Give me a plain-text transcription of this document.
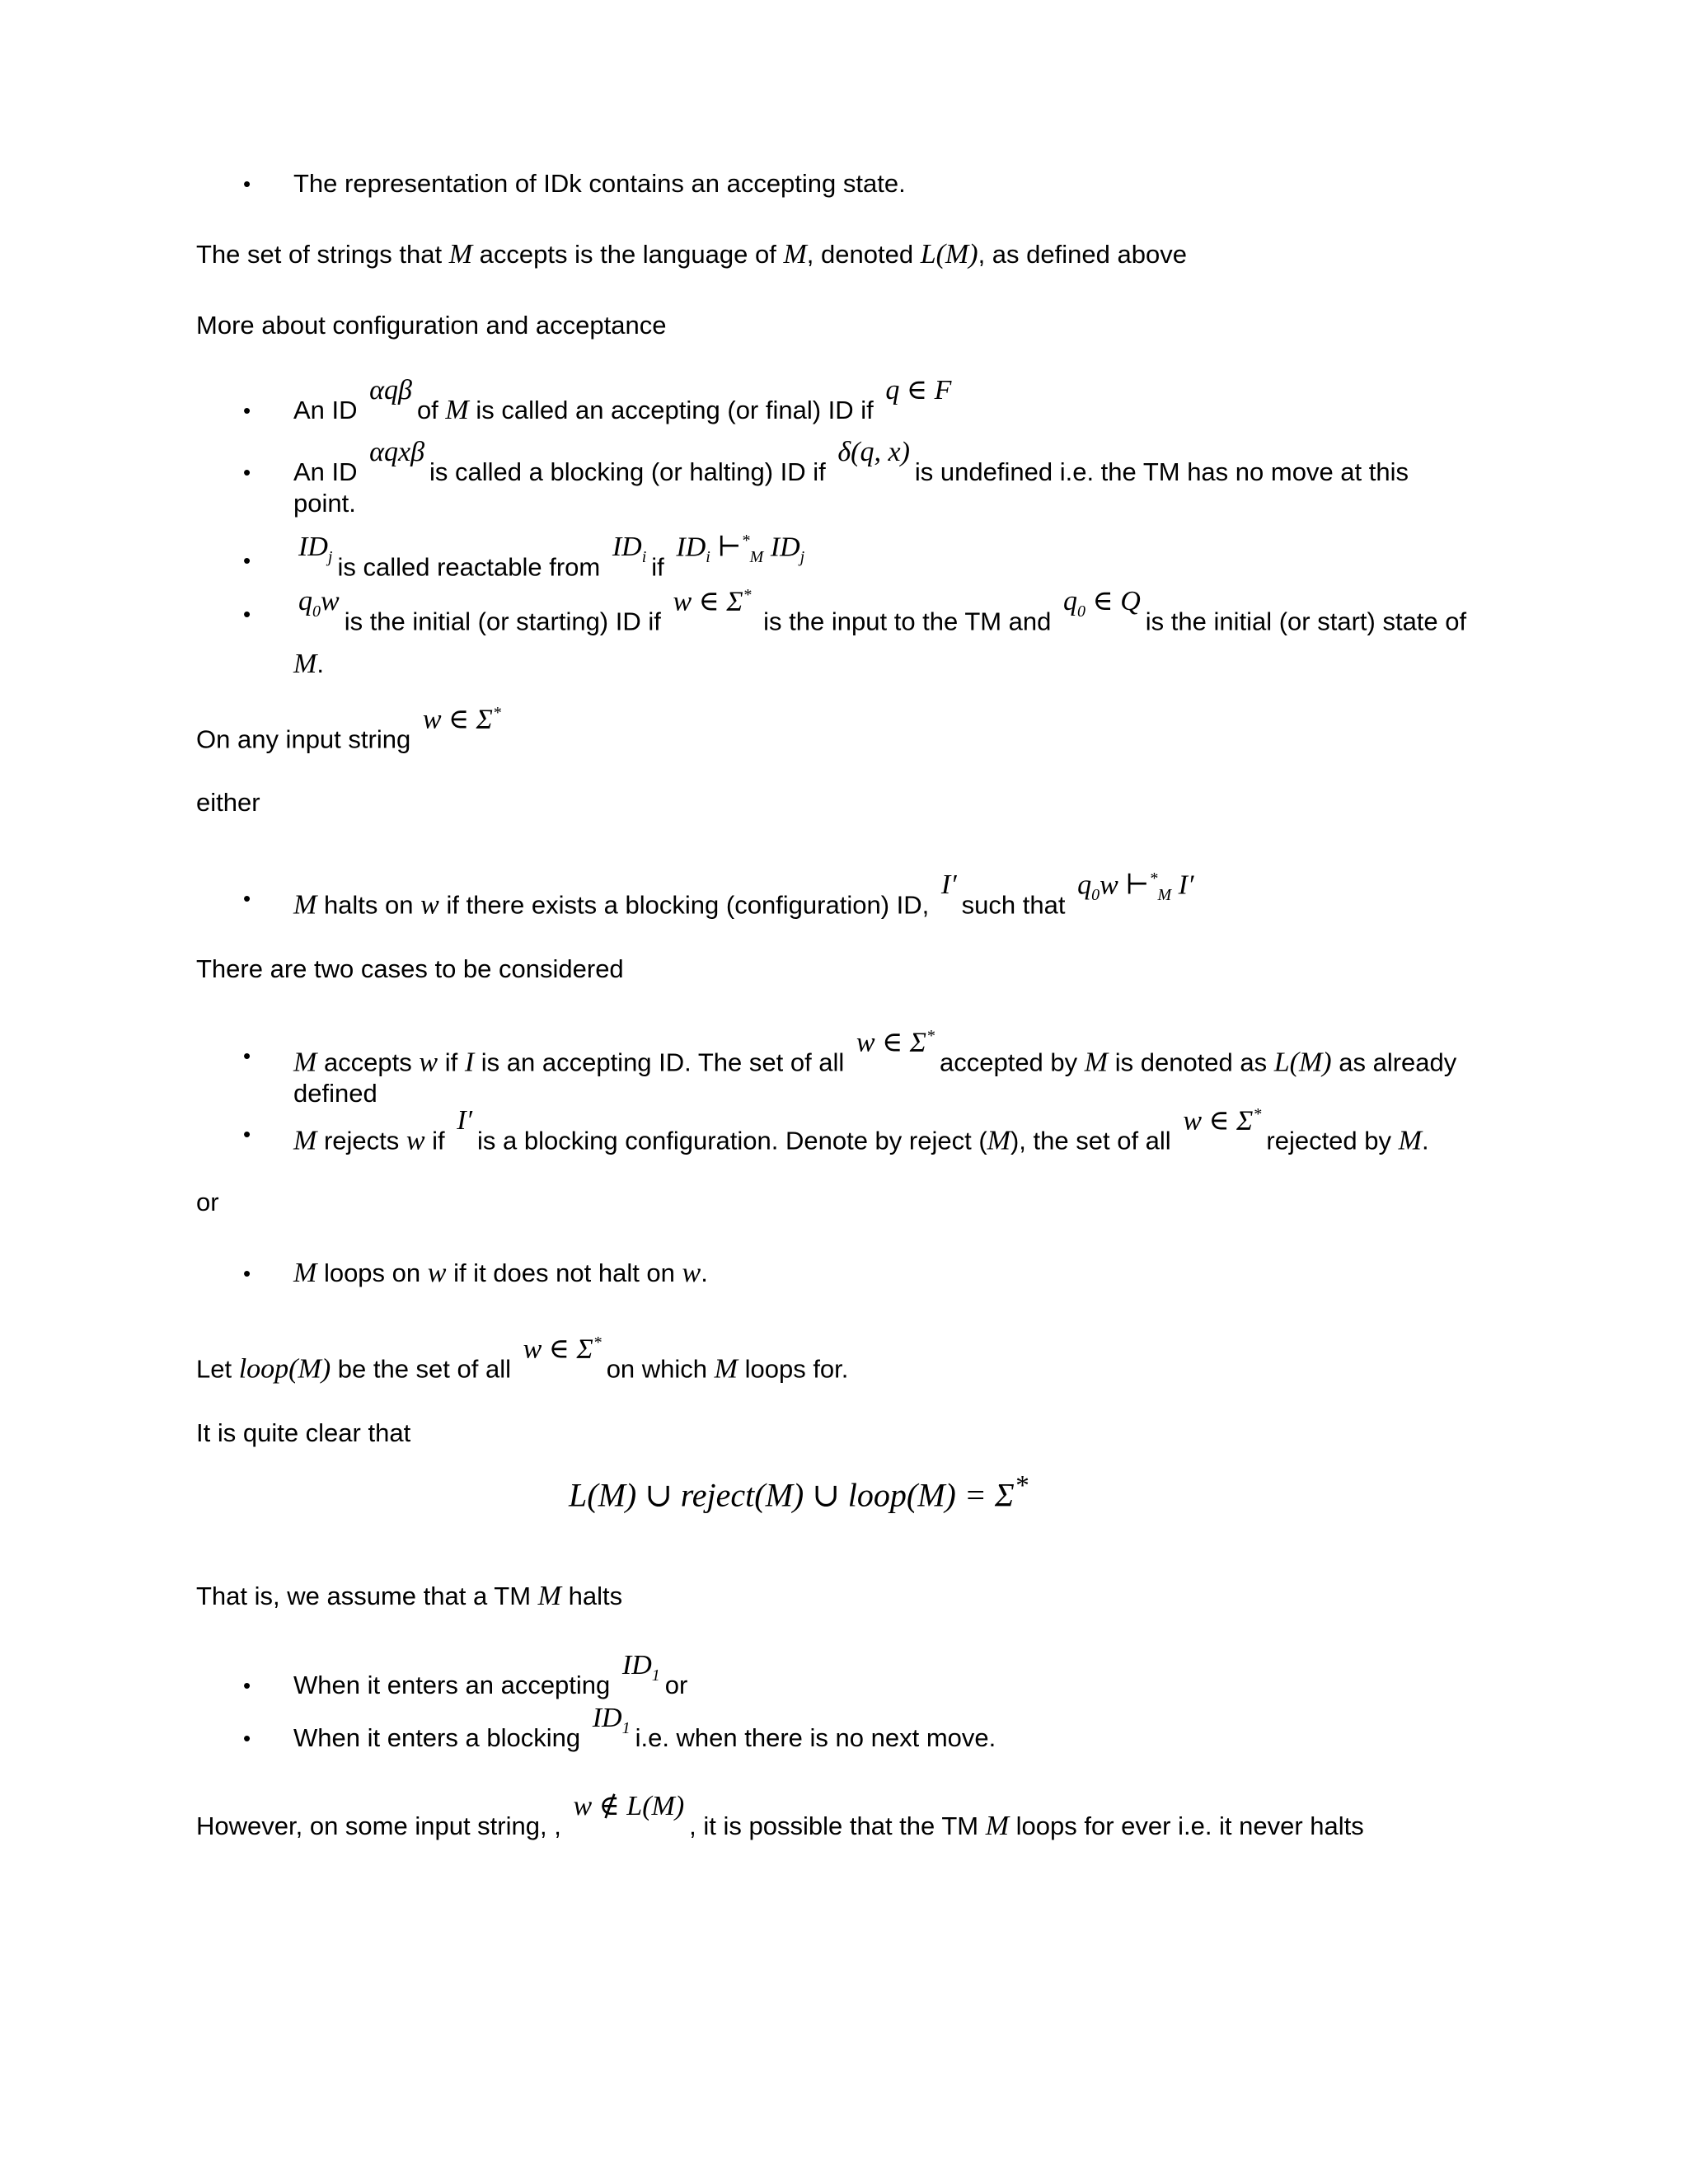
• The representation of IDk contains an accepting state.
The set of strings that M accepts is the language of M, denoted L(M), as defined above
More about configuration and acceptance
• An ID αqβof M is called an accepting (or final) ID if q ∈ F
• An ID αqxβis called a blocking (or halting) ID if δ(q, x)is undefined i.e. the TM has no move at this point.
• $ID_j$ is called reactable from $ID_i$ if $ID_i$ $⊢^*_M$ $ID_j$
• $q_0wis$ the initial (or starting) ID if w ∈ Σ* is the input to the TM and $q_0$ ∈ Qis the initial (or start) state of M.
On any input string w ∈ Σ*
either
• M halts on w if there exists a blocking (configuration) ID, I′such that $q_0w$ $⊢^*_M$ I′
There are two cases to be considered
• M accepts w if I is an accepting ID. The set of all w ∈ Σ*accepted by M is denoted as L(M) as already defined
• M rejects w if I′is a blocking configuration. Denote by reject (M), the set of all w ∈ Σ*rejected by M.
or
• M loops on w if it does not halt on w.
Let loop(M) be the set of all w ∈ Σ*on which M loops for.
It is quite clear that
L(M) ∪ reject(M) ∪ loop(M) = Σ*
That is, we assume that a TM M halts
• When it enters an accepting $ID_1$ or
• When it enters a blocking $ID_1$ i.e. when there is no next move.
However, on some input string, , w ∉ L(M), it is possible that the TM M loops for ever i.e. it never halts
